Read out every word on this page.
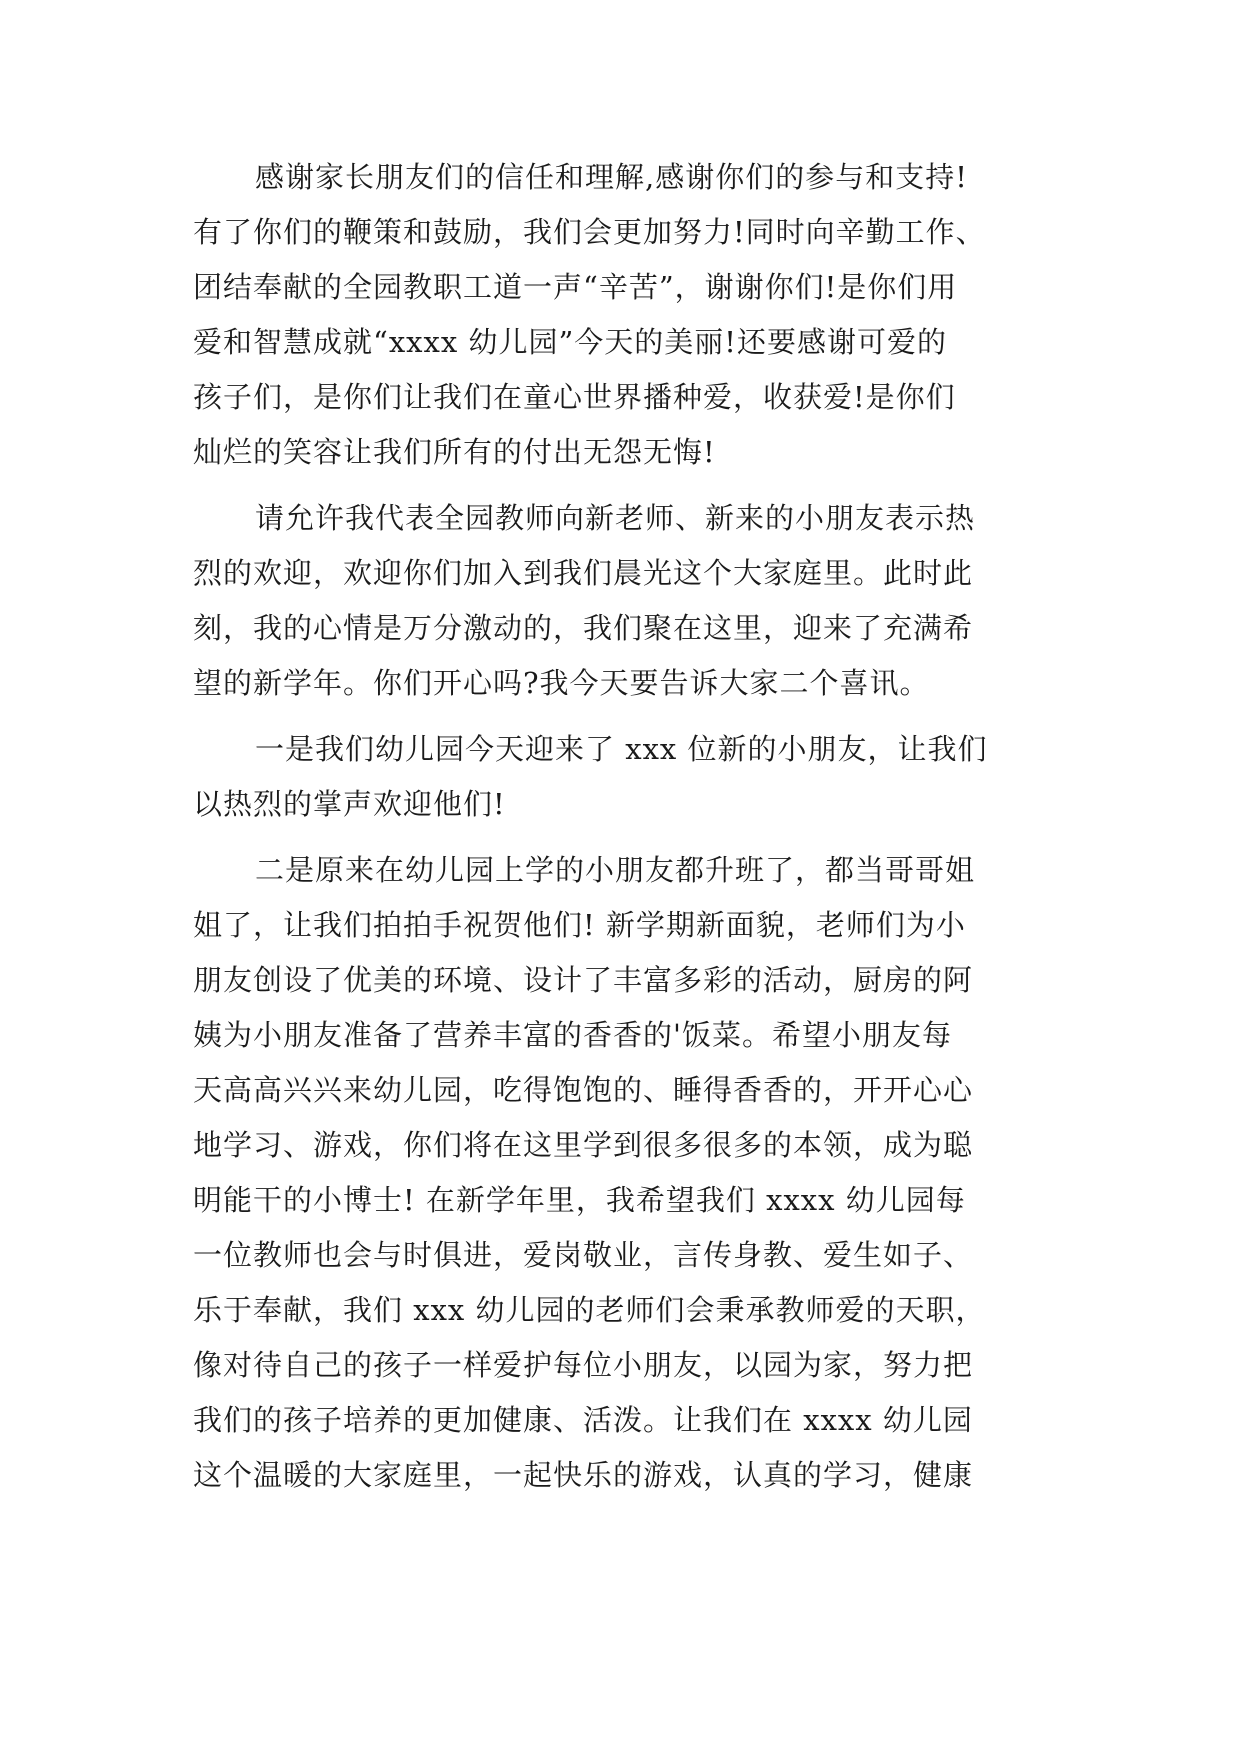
感谢家长朋友们的信任和理解,感谢你们的参与和支持!
有了你们的鞭策和鼓励，我们会更加努力!同时向辛勤工作、
团结奉献的全园教职工道一声“辛苦”，谢谢你们!是你们用
爱和智慧成就“xxxx 幼儿园”今天的美丽!还要感谢可爱的
孩子们，是你们让我们在童心世界播种爱，收获爱!是你们
灿烂的笑容让我们所有的付出无怨无悔!
请允许我代表全园教师向新老师、新来的小朋友表示热
烈的欢迎，欢迎你们加入到我们晨光这个大家庭里。此时此
刻，我的心情是万分激动的，我们聚在这里，迎来了充满希
望的新学年。你们开心吗?我今天要告诉大家二个喜讯。
一是我们幼儿园今天迎来了 xxx 位新的小朋友，让我们
以热烈的掌声欢迎他们!
二是原来在幼儿园上学的小朋友都升班了，都当哥哥姐
姐了，让我们拍拍手祝贺他们! 新学期新面貌，老师们为小
朋友创设了优美的环境、设计了丰富多彩的活动，厨房的阿
姨为小朋友准备了营养丰富的香香的'饭菜。希望小朋友每
天高高兴兴来幼儿园，吃得饱饱的、睡得香香的，开开心心
地学习、游戏，你们将在这里学到很多很多的本领，成为聪
明能干的小博士! 在新学年里，我希望我们 xxxx 幼儿园每
一位教师也会与时俱进，爱岗敬业，言传身教、爱生如子、
乐于奉献，我们 xxx 幼儿园的老师们会秉承教师爱的天职，
像对待自己的孩子一样爱护每位小朋友，以园为家，努力把
我们的孩子培养的更加健康、活泼。让我们在 xxxx 幼儿园
这个温暖的大家庭里，一起快乐的游戏，认真的学习，健康
